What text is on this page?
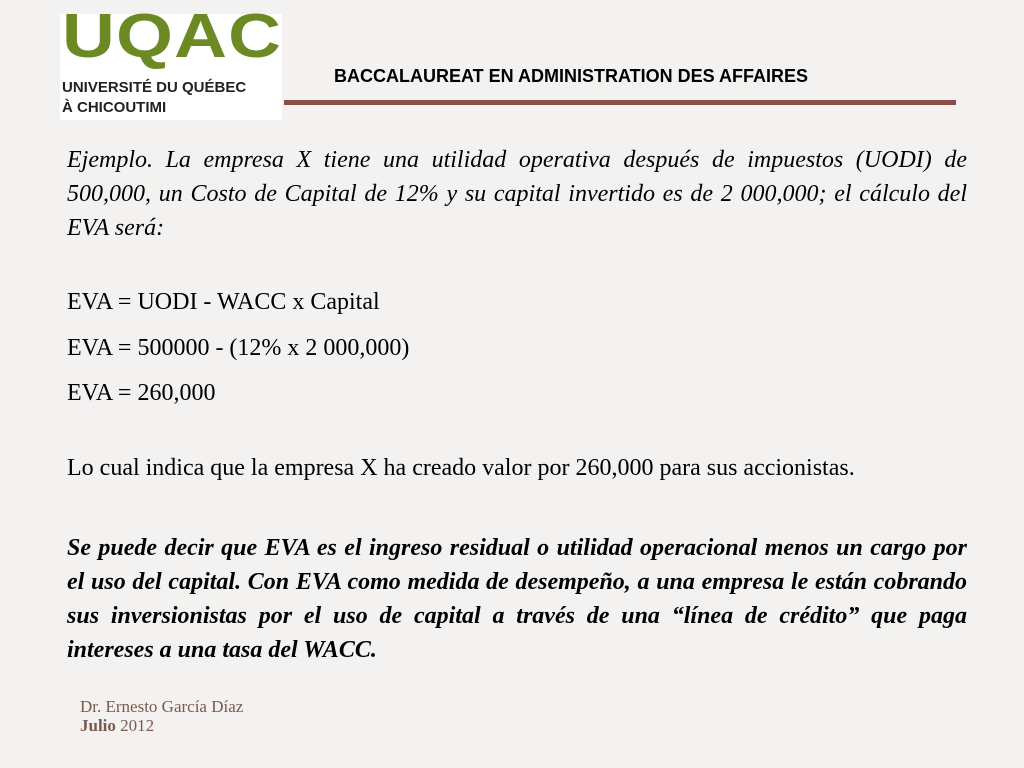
UQAC
UNIVERSITÉ DU QUÉBEC
À CHICOUTIMI
BACCALAUREAT EN ADMINISTRATION DES AFFAIRES

Ejemplo. La empresa X tiene una utilidad operativa después de impuestos (UODI) de 500,000, un Costo de Capital de 12% y su capital invertido es de 2 000,000; el cálculo del EVA será:

EVA = UODI - WACC x Capital

EVA = 500000 - (12% x 2 000,000)

EVA = 260,000

Lo cual indica que la empresa X ha creado valor por 260,000 para sus accionistas.

Se puede decir que EVA es el ingreso residual o utilidad operacional menos un cargo por el uso del capital. Con EVA como medida de desempeño, a una empresa le están cobrando sus inversionistas por el uso de capital a través de una “línea de crédito” que paga intereses a una tasa del WACC.

Dr. Ernesto García Díaz
Julio 2012
